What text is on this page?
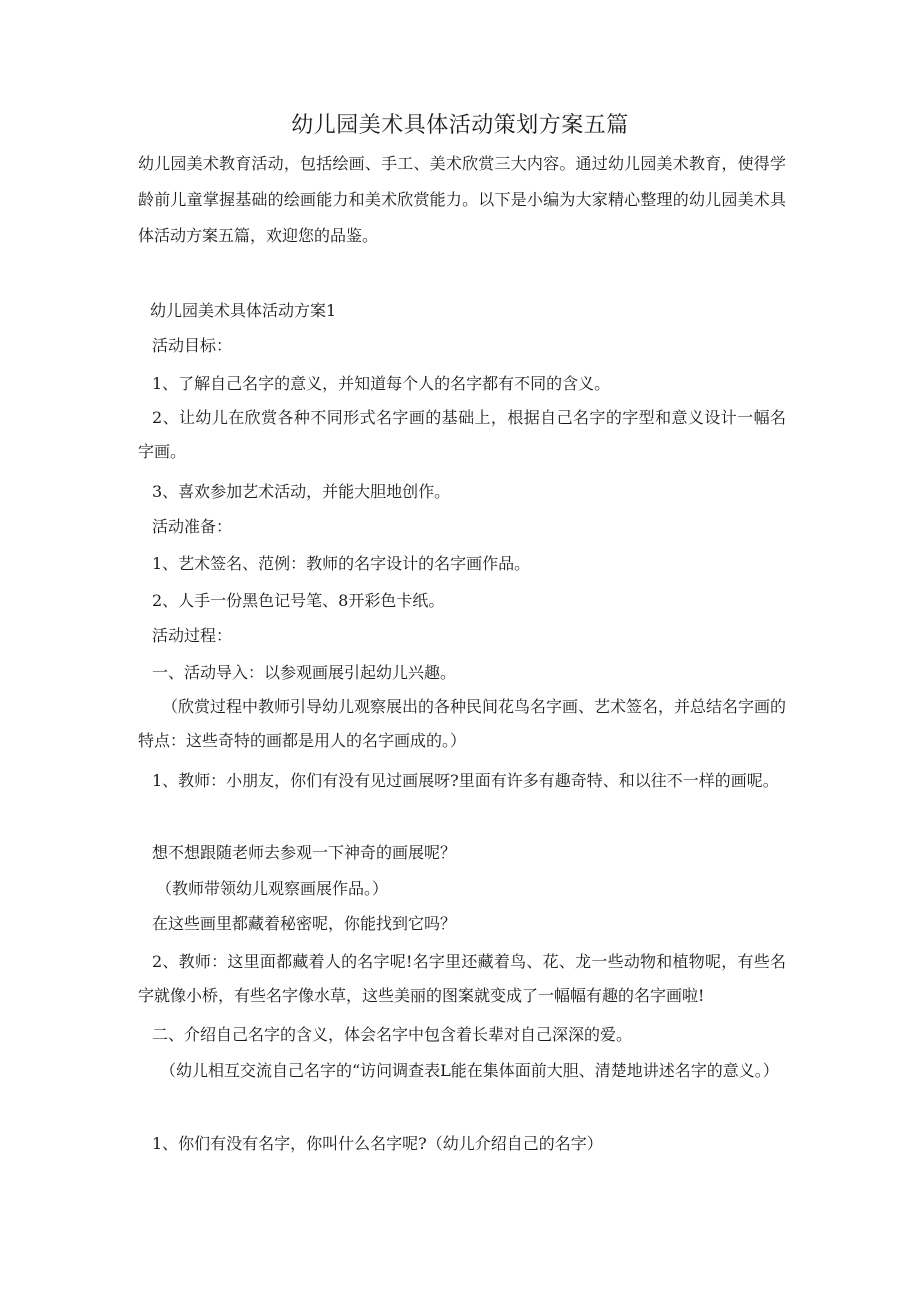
幼儿园美术具体活动策划方案五篇
幼儿园美术教育活动，包括绘画、手工、美术欣赏三大内容。通过幼儿园美术教育，使得学龄前儿童掌握基础的绘画能力和美术欣赏能力。以下是小编为大家精心整理的幼儿园美术具体活动方案五篇，欢迎您的品鉴。

幼儿园美术具体活动方案1

活动目标：

1、了解自己名字的意义，并知道每个人的名字都有不同的含义。

2、让幼儿在欣赏各种不同形式名字画的基础上，根据自己名字的字型和意义设计一幅名字画。

3、喜欢参加艺术活动，并能大胆地创作。

活动准备：

1、艺术签名、范例：教师的名字设计的名字画作品。

2、人手一份黑色记号笔、8开彩色卡纸。

活动过程：

一、活动导入：以参观画展引起幼儿兴趣。

（欣赏过程中教师引导幼儿观察展出的各种民间花鸟名字画、艺术签名，并总结名字画的特点：这些奇特的画都是用人的名字画成的。）

1、教师：小朋友，你们有没有见过画展呀?里面有许多有趣奇特、和以往不一样的画呢。

想不想跟随老师去参观一下神奇的画展呢？

（教师带领幼儿观察画展作品。）

在这些画里都藏着秘密呢，你能找到它吗？

2、教师：这里面都藏着人的名字呢!名字里还藏着鸟、花、龙一些动物和植物呢，有些名字就像小桥，有些名字像水草，这些美丽的图案就变成了一幅幅有趣的名字画啦!

二、介绍自己名字的含义，体会名字中包含着长辈对自己深深的爱。

（幼儿相互交流自己名字的“访问调查表L能在集体面前大胆、清楚地讲述名字的意义。）

1、你们有没有名字，你叫什么名字呢?（幼儿介绍自己的名字）
